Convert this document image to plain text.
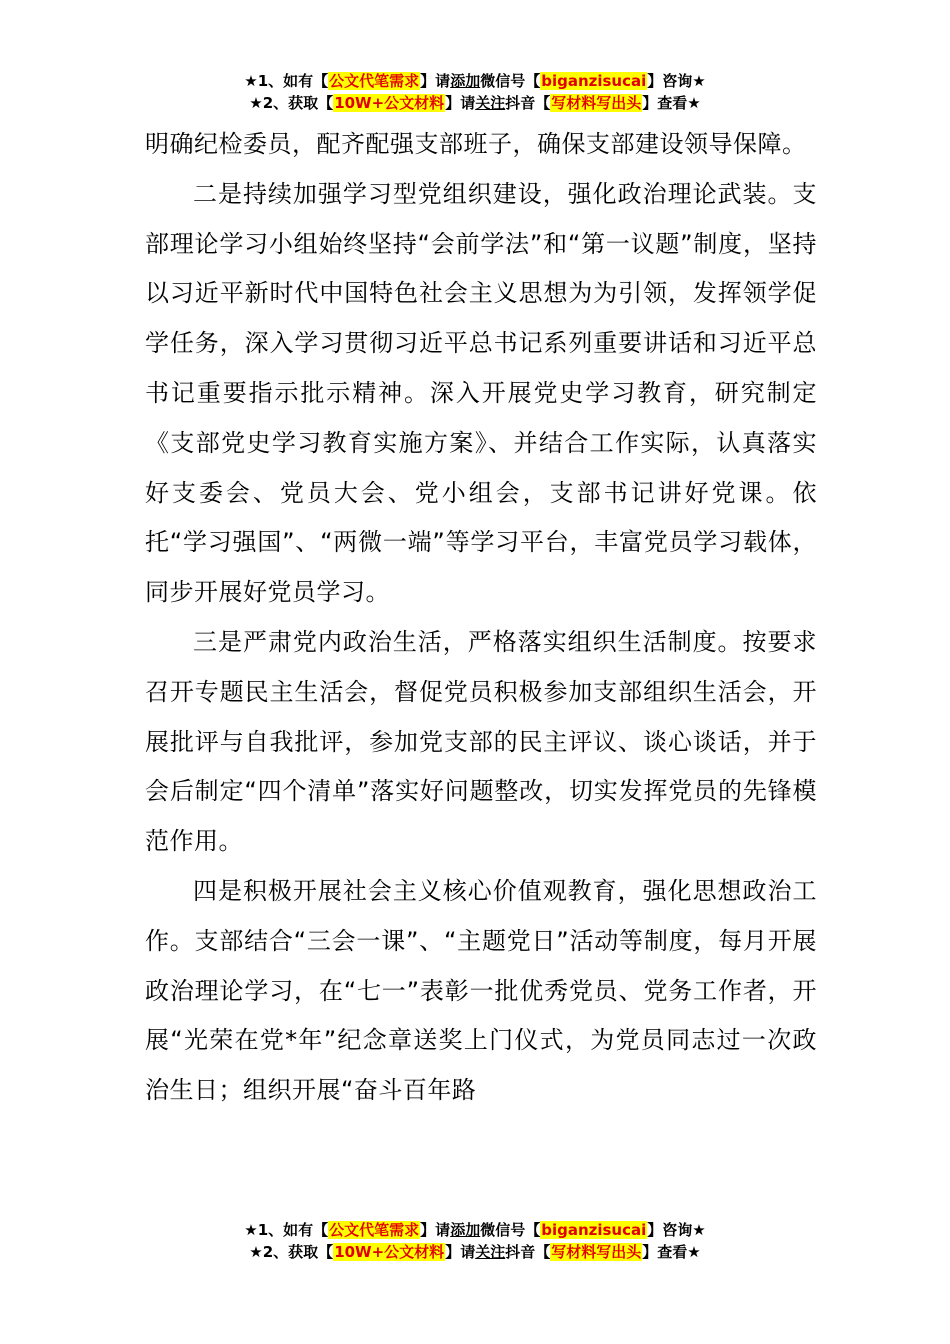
★1、如有【公文代笔需求】请添加微信号【biganzisucai】咨询★
★2、获取【10W+公文材料】请关注抖音【写材料写出头】查看★

明确纪检委员，配齐配强支部班子，确保支部建设领导保障。

二是持续加强学习型党组织建设，强化政治理论武装。支部理论学习小组始终坚持“会前学法”和“第一议题”制度，坚持以习近平新时代中国特色社会主义思想为为引领，发挥领学促学任务，深入学习贯彻习近平总书记系列重要讲话和习近平总书记重要指示批示精神。深入开展党史学习教育，研究制定《支部党史学习教育实施方案》、并结合工作实际，认真落实好支委会、党员大会、党小组会，支部书记讲好党课。依托“学习强国”、“两微一端”等学习平台，丰富党员学习载体，同步开展好党员学习。

三是严肃党内政治生活，严格落实组织生活制度。按要求召开专题民主生活会，督促党员积极参加支部组织生活会，开展批评与自我批评，参加党支部的民主评议、谈心谈话，并于会后制定“四个清单”落实好问题整改，切实发挥党员的先锋模范作用。

四是积极开展社会主义核心价值观教育，强化思想政治工作。支部结合“三会一课”、“主题党日”活动等制度，每月开展政治理论学习，在“七一”表彰一批优秀党员、党务工作者，开展“光荣在党*年”纪念章送奖上门仪式，为党员同志过一次政治生日；组织开展“奋斗百年路

★1、如有【公文代笔需求】请添加微信号【biganzisucai】咨询★
★2、获取【10W+公文材料】请关注抖音【写材料写出头】查看★
